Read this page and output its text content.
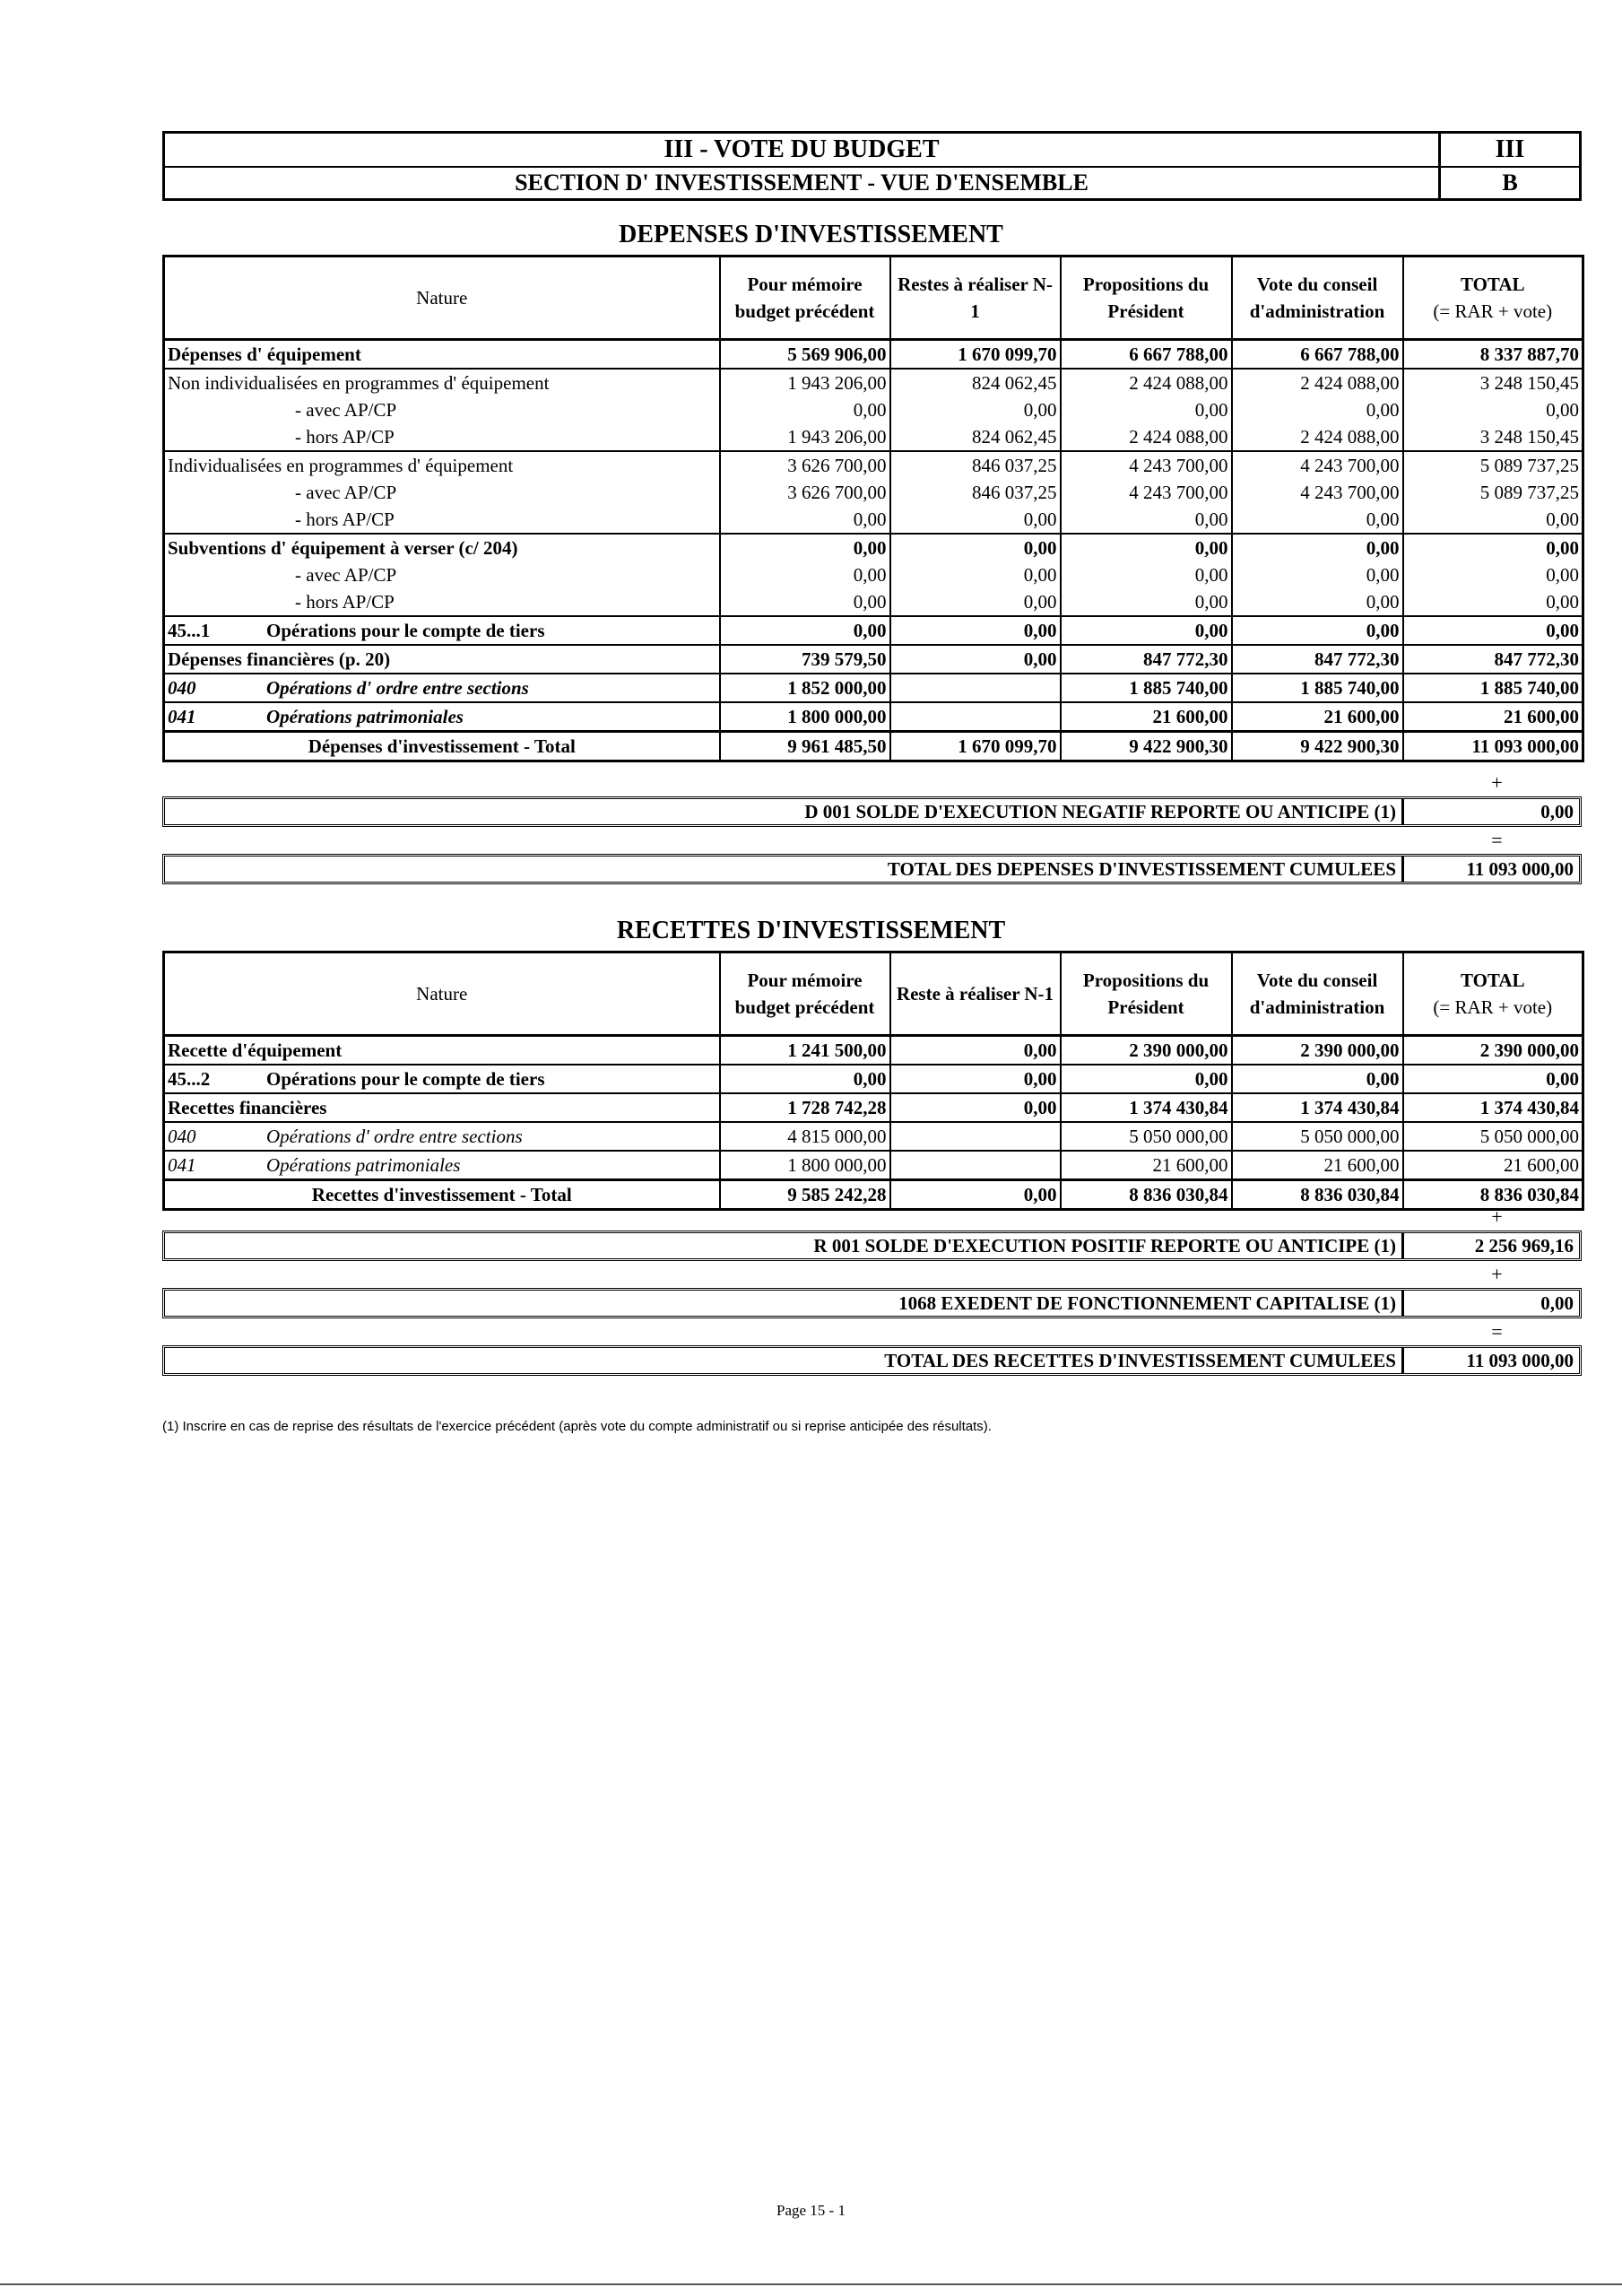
III - VOTE DU BUDGET
SECTION D' INVESTISSEMENT - VUE D'ENSEMBLE
III
B
DEPENSES D'INVESTISSEMENT
Nature	Pour mémoire budget précédent	Restes à réaliser N-1	Propositions du Président	Vote du conseil d'administration	TOTAL
(= RAR + vote)
Dépenses d' équipement	5 569 906,00	1 670 099,70	6 667 788,00	6 667 788,00	8 337 887,70
Non individualisées en programmes d' équipement	1 943 206,00	824 062,45	2 424 088,00	2 424 088,00	3 248 150,45
- avec AP/CP	0,00	0,00	0,00	0,00	0,00
- hors AP/CP	1 943 206,00	824 062,45	2 424 088,00	2 424 088,00	3 248 150,45
Individualisées en programmes d' équipement	3 626 700,00	846 037,25	4 243 700,00	4 243 700,00	5 089 737,25
- avec AP/CP	3 626 700,00	846 037,25	4 243 700,00	4 243 700,00	5 089 737,25
- hors AP/CP	0,00	0,00	0,00	0,00	0,00
Subventions d' équipement à verser (c/ 204)	0,00	0,00	0,00	0,00	0,00
- avec AP/CP	0,00	0,00	0,00	0,00	0,00
- hors AP/CP	0,00	0,00	0,00	0,00	0,00
45...1 Opérations pour le compte de tiers	0,00	0,00	0,00	0,00	0,00
Dépenses financières (p. 20)	739 579,50	0,00	847 772,30	847 772,30	847 772,30
040 Opérations d' ordre entre sections	1 852 000,00		1 885 740,00	1 885 740,00	1 885 740,00
041 Opérations patrimoniales	1 800 000,00		21 600,00	21 600,00	21 600,00
Dépenses d'investissement - Total	9 961 485,50	1 670 099,70	9 422 900,30	9 422 900,30	11 093 000,00
+
D 001 SOLDE D'EXECUTION NEGATIF REPORTE OU ANTICIPE (1)	0,00
=
TOTAL DES DEPENSES D'INVESTISSEMENT CUMULEES	11 093 000,00
RECETTES D'INVESTISSEMENT
Nature	Pour mémoire budget précédent	Reste à réaliser N-1	Propositions du Président	Vote du conseil d'administration	TOTAL
(= RAR + vote)
Recette d'équipement	1 241 500,00	0,00	2 390 000,00	2 390 000,00	2 390 000,00
45...2 Opérations pour le compte de tiers	0,00	0,00	0,00	0,00	0,00
Recettes financières	1 728 742,28	0,00	1 374 430,84	1 374 430,84	1 374 430,84
040 Opérations d' ordre entre sections	4 815 000,00		5 050 000,00	5 050 000,00	5 050 000,00
041 Opérations patrimoniales	1 800 000,00		21 600,00	21 600,00	21 600,00
Recettes d'investissement - Total	9 585 242,28	0,00	8 836 030,84	8 836 030,84	8 836 030,84
+
R 001 SOLDE D'EXECUTION POSITIF REPORTE OU ANTICIPE (1)	2 256 969,16
+
1068 EXEDENT DE FONCTIONNEMENT CAPITALISE (1)	0,00
=
TOTAL DES RECETTES D'INVESTISSEMENT CUMULEES	11 093 000,00
(1) Inscrire en cas de reprise des résultats de l'exercice précédent (après vote du compte administratif ou si reprise anticipée des résultats).
Page 15 - 1
